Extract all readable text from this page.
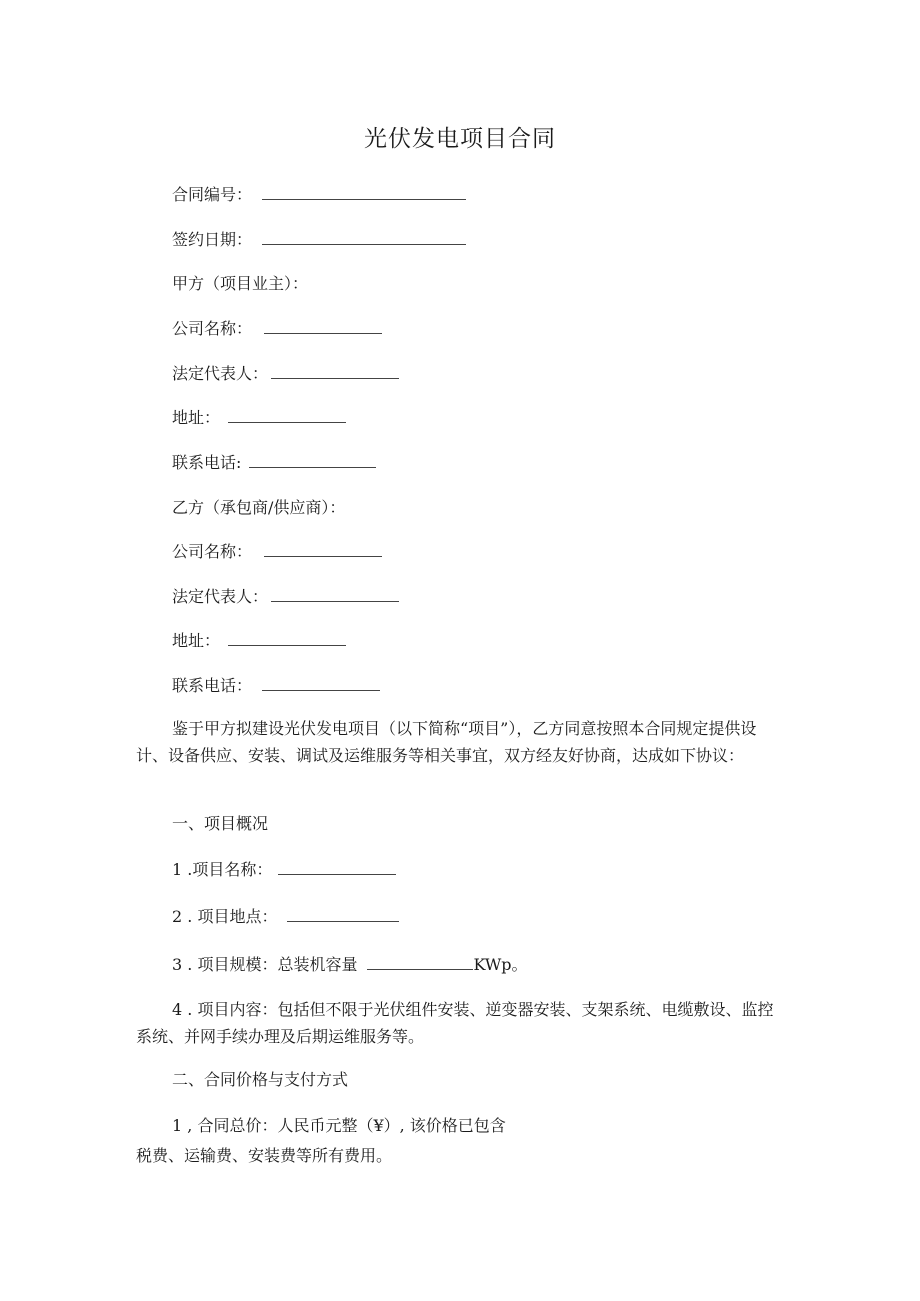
光伏发电项目合同
合同编号：
签约日期：
甲方（项目业主）：
公司名称：
法定代表人：
地址：
联系电话:
乙方（承包商/供应商）：
公司名称：
法定代表人：
地址：
联系电话：
鉴于甲方拟建设光伏发电项目（以下简称“项目”），乙方同意按照本合同规定提供设计、设备供应、安装、调试及运维服务等相关事宜，双方经友好协商，达成如下协议：
一、项目概况
1 .项目名称：
2 . 项目地点：
3 . 项目规模：总装机容量	KWp。
4 . 项目内容：包括但不限于光伏组件安装、逆变器安装、支架系统、电缆敷设、监控系统、并网手续办理及后期运维服务等。
二、合同价格与支付方式
1 , 合同总价：人民币元整（¥）, 该价格已包含
税费、运输费、安装费等所有费用。
